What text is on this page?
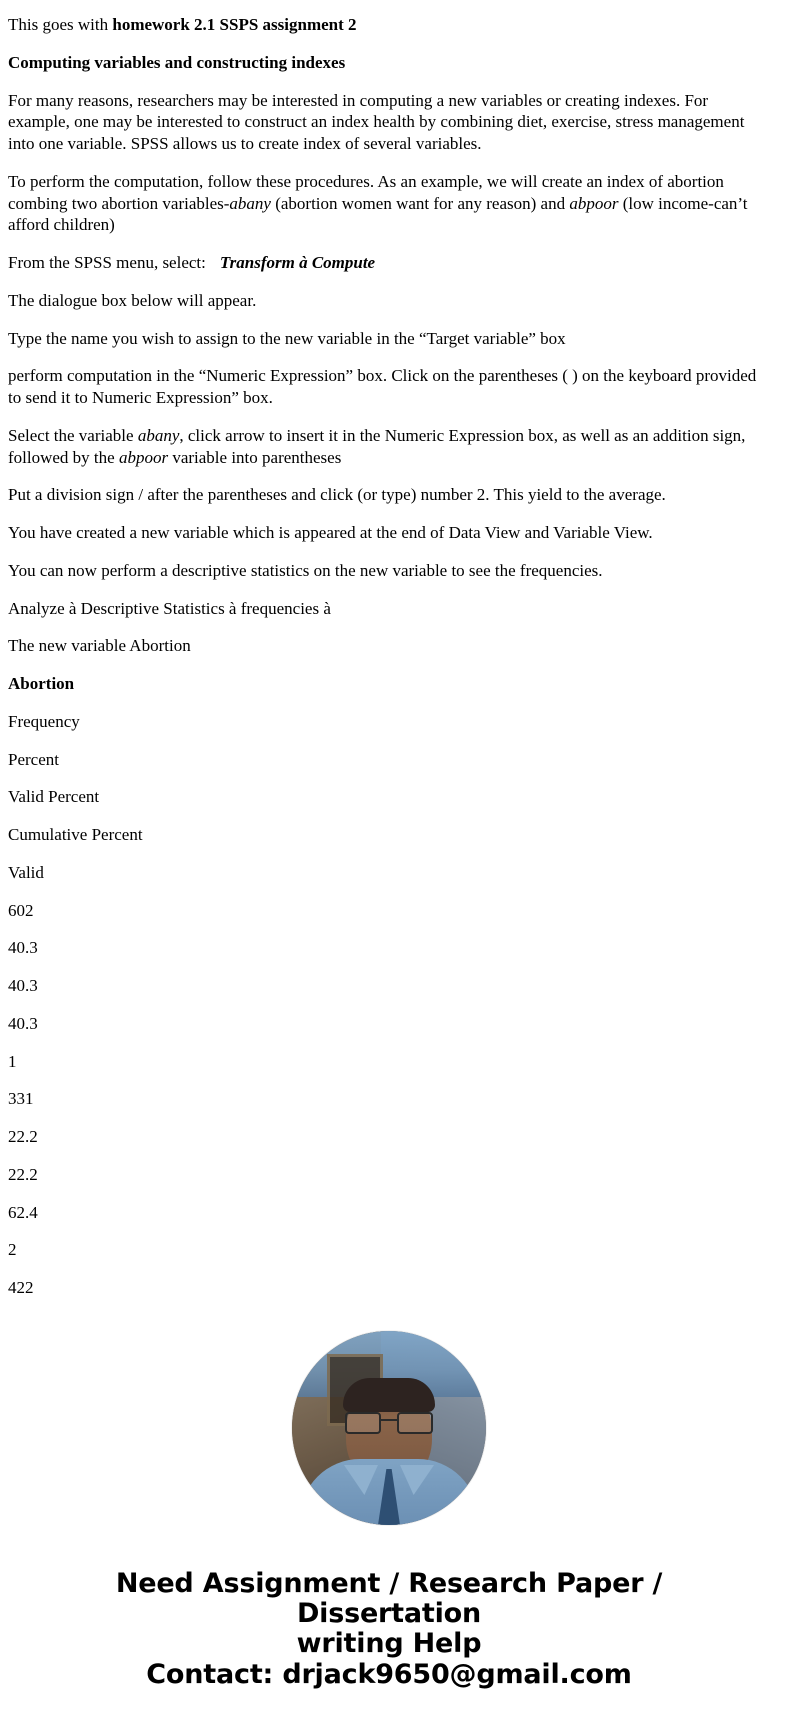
This goes with homework 2.1 SSPS assignment 2

Computing variables and constructing indexes

For many reasons, researchers may be interested in computing a new variables or creating indexes. For example, one may be interested to construct an index health by combining diet, exercise, stress management into one variable. SPSS allows us to create index of several variables.

To perform the computation, follow these procedures. As an example, we will create an index of abortion combing two abortion variables-abany (abortion women want for any reason) and abpoor (low income-can’t afford children)

From the SPSS menu, select: Transform à Compute

The dialogue box below will appear.

Type the name you wish to assign to the new variable in the “Target variable” box

perform computation in the “Numeric Expression” box. Click on the parentheses ( ) on the keyboard provided to send it to Numeric Expression” box.

Select the variable abany, click arrow to insert it in the Numeric Expression box, as well as an addition sign, followed by the abpoor variable into parentheses

Put a division sign / after the parentheses and click (or type) number 2. This yield to the average.

You have created a new variable which is appeared at the end of Data View and Variable View.

You can now perform a descriptive statistics on the new variable to see the frequencies.

Analyze à Descriptive Statistics à frequencies à

The new variable Abortion

Abortion

Frequency

Percent

Valid Percent

Cumulative Percent

Valid

602

40.3

40.3

40.3

1

331

22.2

22.2

62.4

2

422

Need Assignment / Research Paper / Dissertation
writing Help
Contact: drjack9650@gmail.com
